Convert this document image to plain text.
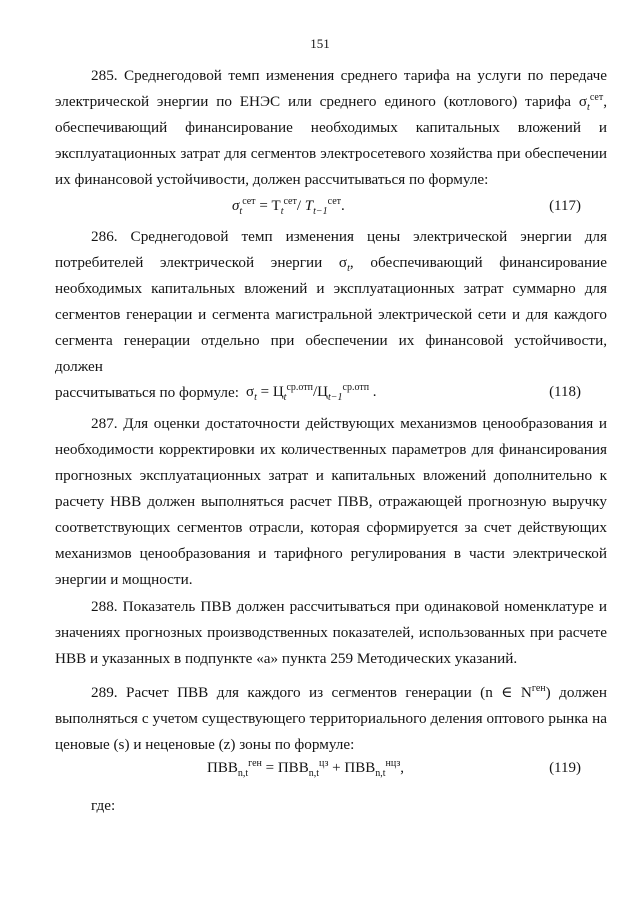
151
285. Среднегодовой темп изменения среднего тарифа на услуги по передаче
электрической энергии по ЕНЭС или среднего единого (котлового) тарифа $\sigma_t^{сет}$,
обеспечивающий финансирование необходимых капитальных вложений и
эксплуатационных затрат для сегментов электросетевого хозяйства при обеспечении
их финансовой устойчивости, должен рассчитываться по формуле:
$\sigma_t^{сет} = T_t^{сет}/$ $T_{t-1}^{сет}$.	(117)
286. Среднегодовой темп изменения цены электрической энергии для
потребителей электрической энергии $\sigma_t$, обеспечивающий финансирование
необходимых капитальных вложений и эксплуатационных затрат суммарно для
сегментов генерации и сегмента магистральной электрической сети и для каждого
сегмента генерации отдельно при обеспечении их финансовой устойчивости, должен
рассчитываться по формуле: $\sigma_t = Ц_t^{ср.отп}/Ц_{t-1}^{ср.отп}$ .	(118)
287. Для оценки достаточности действующих механизмов ценообразования и
необходимости корректировки их количественных параметров для финансирования
прогнозных эксплуатационных затрат и капитальных вложений дополнительно к
расчету НВВ должен выполняться расчет ПВВ, отражающей прогнозную выручку
соответствующих сегментов отрасли, которая сформируется за счет действующих
механизмов ценообразования и тарифного регулирования в части электрической
энергии и мощности.
288. Показатель ПВВ должен рассчитываться при одинаковой номенклатуре и
значениях прогнозных производственных показателей, использованных при расчете
НВВ и указанных в подпункте «а» пункта 259 Методических указаний.
289. Расчет ПВВ для каждого из сегментов генерации (n ∈ $N^{ген}$) должен
выполняться с учетом существующего территориального деления оптового рынка на
ценовые (s) и неценовые (z) зоны по формуле:
$ПВВ_{n,t}^{ген} = ПВВ_{n,t}^{цз} + ПВВ_{n,t}^{нцз}$,	(119)
где:
